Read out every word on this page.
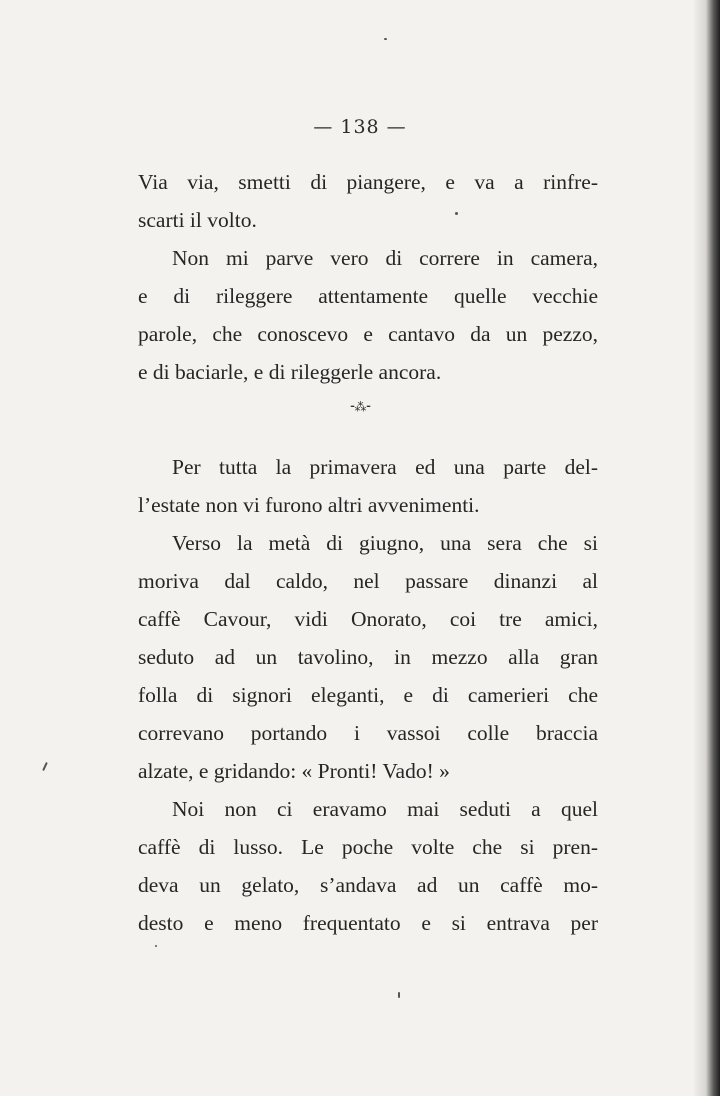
— 138 —
Via via, smetti di piangere, e va a rinfre-
scarti il volto.
Non mi parve vero di correre in camera,
e di rileggere attentamente quelle vecchie
parole, che conoscevo e cantavo da un pezzo,
e di baciarle, e di rileggerle ancora.
⁃⁂⁃
Per tutta la primavera ed una parte del-
l’estate non vi furono altri avvenimenti.
Verso la metà di giugno, una sera che si
moriva dal caldo, nel passare dinanzi al
caffè Cavour, vidi Onorato, coi tre amici,
seduto ad un tavolino, in mezzo alla gran
folla di signori eleganti, e di camerieri che
correvano portando i vassoi colle braccia
alzate, e gridando: « Pronti! Vado! »
Noi non ci eravamo mai seduti a quel
caffè di lusso. Le poche volte che si pren-
deva un gelato, s’andava ad un caffè mo-
desto e meno frequentato e si entrava per
